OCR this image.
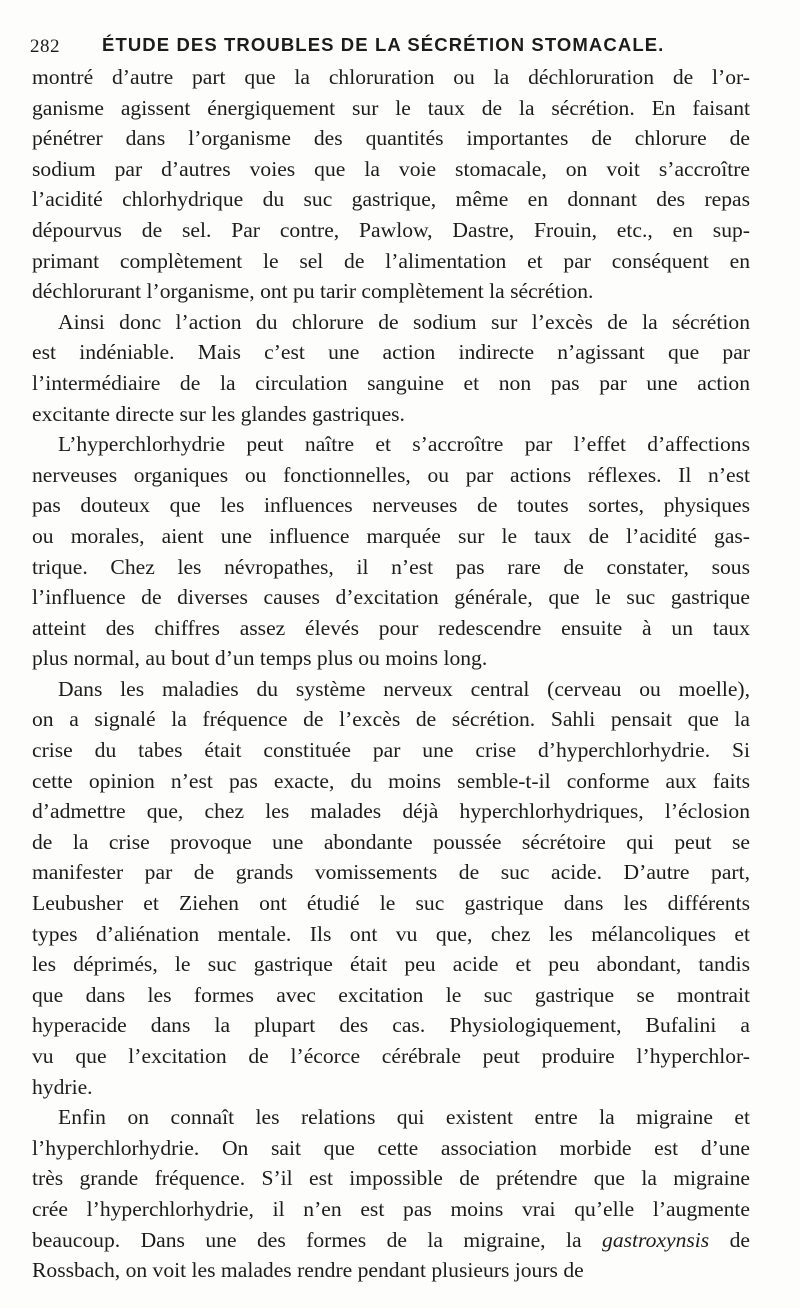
282 ÉTUDE DES TROUBLES DE LA SÉCRÉTION STOMACALE.
montré d’autre part que la chloruration ou la déchloruration de l’or-
ganisme agissent énergiquement sur le taux de la sécrétion. En faisant
pénétrer dans l’organisme des quantités importantes de chlorure de
sodium par d’autres voies que la voie stomacale, on voit s’accroître
l’acidité chlorhydrique du suc gastrique, même en donnant des repas
dépourvus de sel. Par contre, Pawlow, Dastre, Frouin, etc., en sup-
primant complètement le sel de l’alimentation et par conséquent en
déchlorurant l’organisme, ont pu tarir complètement la sécrétion.
Ainsi donc l’action du chlorure de sodium sur l’excès de la sécrétion
est indéniable. Mais c’est une action indirecte n’agissant que par
l’intermédiaire de la circulation sanguine et non pas par une action
excitante directe sur les glandes gastriques.
L’hyperchlorhydrie peut naître et s’accroître par l’effet d’affections
nerveuses organiques ou fonctionnelles, ou par actions réflexes. Il n’est
pas douteux que les influences nerveuses de toutes sortes, physiques
ou morales, aient une influence marquée sur le taux de l’acidité gas-
trique. Chez les névropathes, il n’est pas rare de constater, sous
l’influence de diverses causes d’excitation générale, que le suc gastrique
atteint des chiffres assez élevés pour redescendre ensuite à un taux
plus normal, au bout d’un temps plus ou moins long.
Dans les maladies du système nerveux central (cerveau ou moelle),
on a signalé la fréquence de l’excès de sécrétion. Sahli pensait que la
crise du tabes était constituée par une crise d’hyperchlorhydrie. Si
cette opinion n’est pas exacte, du moins semble-t-il conforme aux faits
d’admettre que, chez les malades déjà hyperchlorhydriques, l’éclosion
de la crise provoque une abondante poussée sécrétoire qui peut se
manifester par de grands vomissements de suc acide. D’autre part,
Leubusher et Ziehen ont étudié le suc gastrique dans les différents
types d’aliénation mentale. Ils ont vu que, chez les mélancoliques et
les déprimés, le suc gastrique était peu acide et peu abondant, tandis
que dans les formes avec excitation le suc gastrique se montrait
hyperacide dans la plupart des cas. Physiologiquement, Bufalini a
vu que l’excitation de l’écorce cérébrale peut produire l’hyperchlor-
hydrie.
Enfin on connaît les relations qui existent entre la migraine et
l’hyperchlorhydrie. On sait que cette association morbide est d’une
très grande fréquence. S’il est impossible de prétendre que la migraine
crée l’hyperchlorhydrie, il n’en est pas moins vrai qu’elle l’augmente
beaucoup. Dans une des formes de la migraine, la gastroxynsis de
Rossbach, on voit les malades rendre pendant plusieurs jours de
